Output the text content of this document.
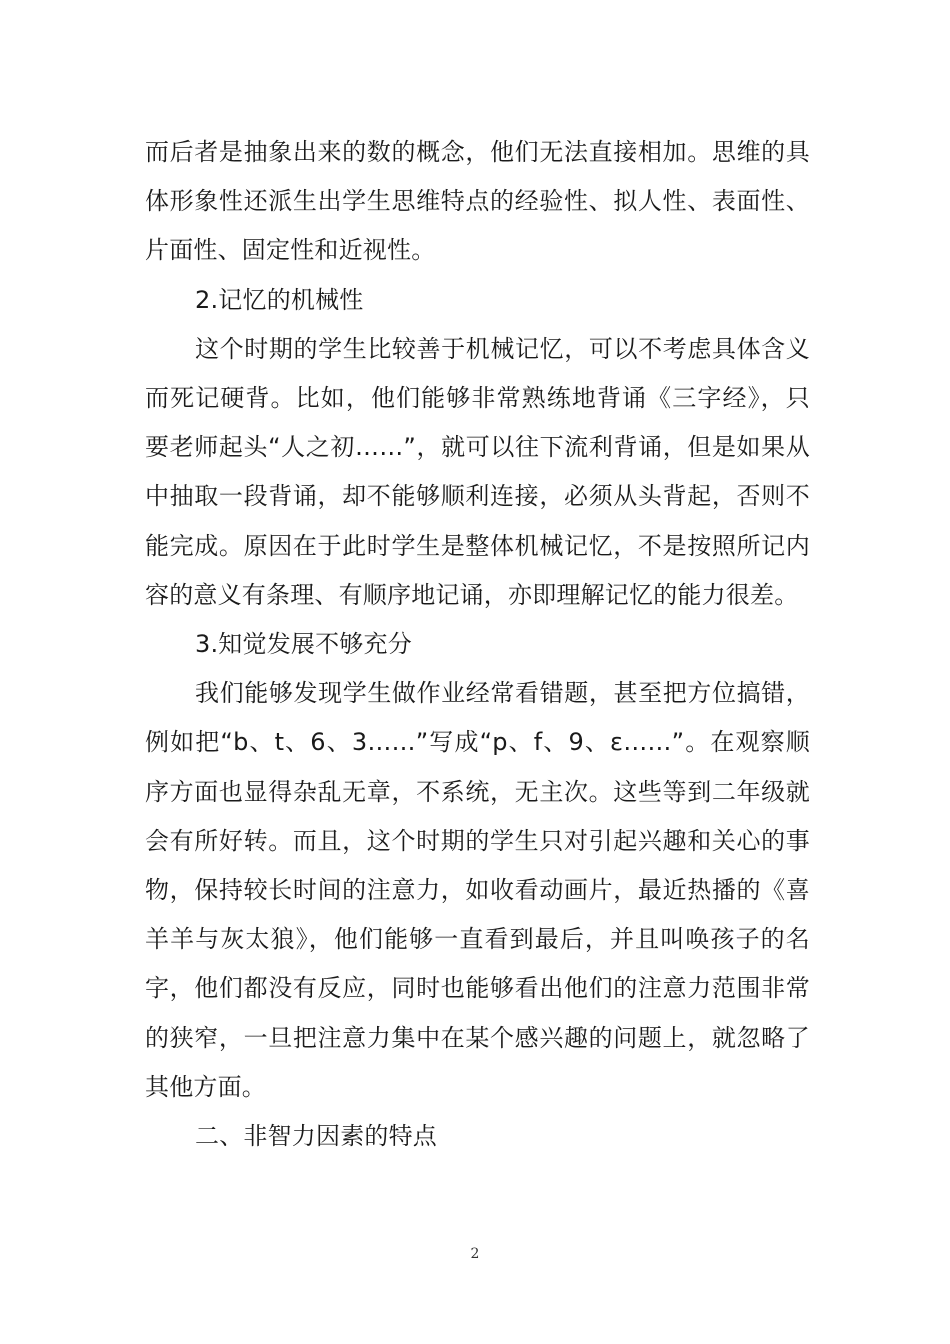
而后者是抽象出来的数的概念，他们无法直接相加。思维的具体形象性还派生出学生思维特点的经验性、拟人性、表面性、片面性、固定性和近视性。

2.记忆的机械性

这个时期的学生比较善于机械记忆，可以不考虑具体含义而死记硬背。比如，他们能够非常熟练地背诵《三字经》，只要老师起头“人之初……”，就可以往下流利背诵，但是如果从中抽取一段背诵，却不能够顺利连接，必须从头背起，否则不能完成。原因在于此时学生是整体机械记忆，不是按照所记内容的意义有条理、有顺序地记诵，亦即理解记忆的能力很差。

3.知觉发展不够充分

我们能够发现学生做作业经常看错题，甚至把方位搞错，例如把“b、t、6、3……”写成“p、f、9、ε……”。在观察顺序方面也显得杂乱无章，不系统，无主次。这些等到二年级就会有所好转。而且，这个时期的学生只对引起兴趣和关心的事物，保持较长时间的注意力，如收看动画片，最近热播的《喜羊羊与灰太狼》，他们能够一直看到最后，并且叫唤孩子的名字，他们都没有反应，同时也能够看出他们的注意力范围非常的狭窄，一旦把注意力集中在某个感兴趣的问题上，就忽略了其他方面。

二、非智力因素的特点

2
